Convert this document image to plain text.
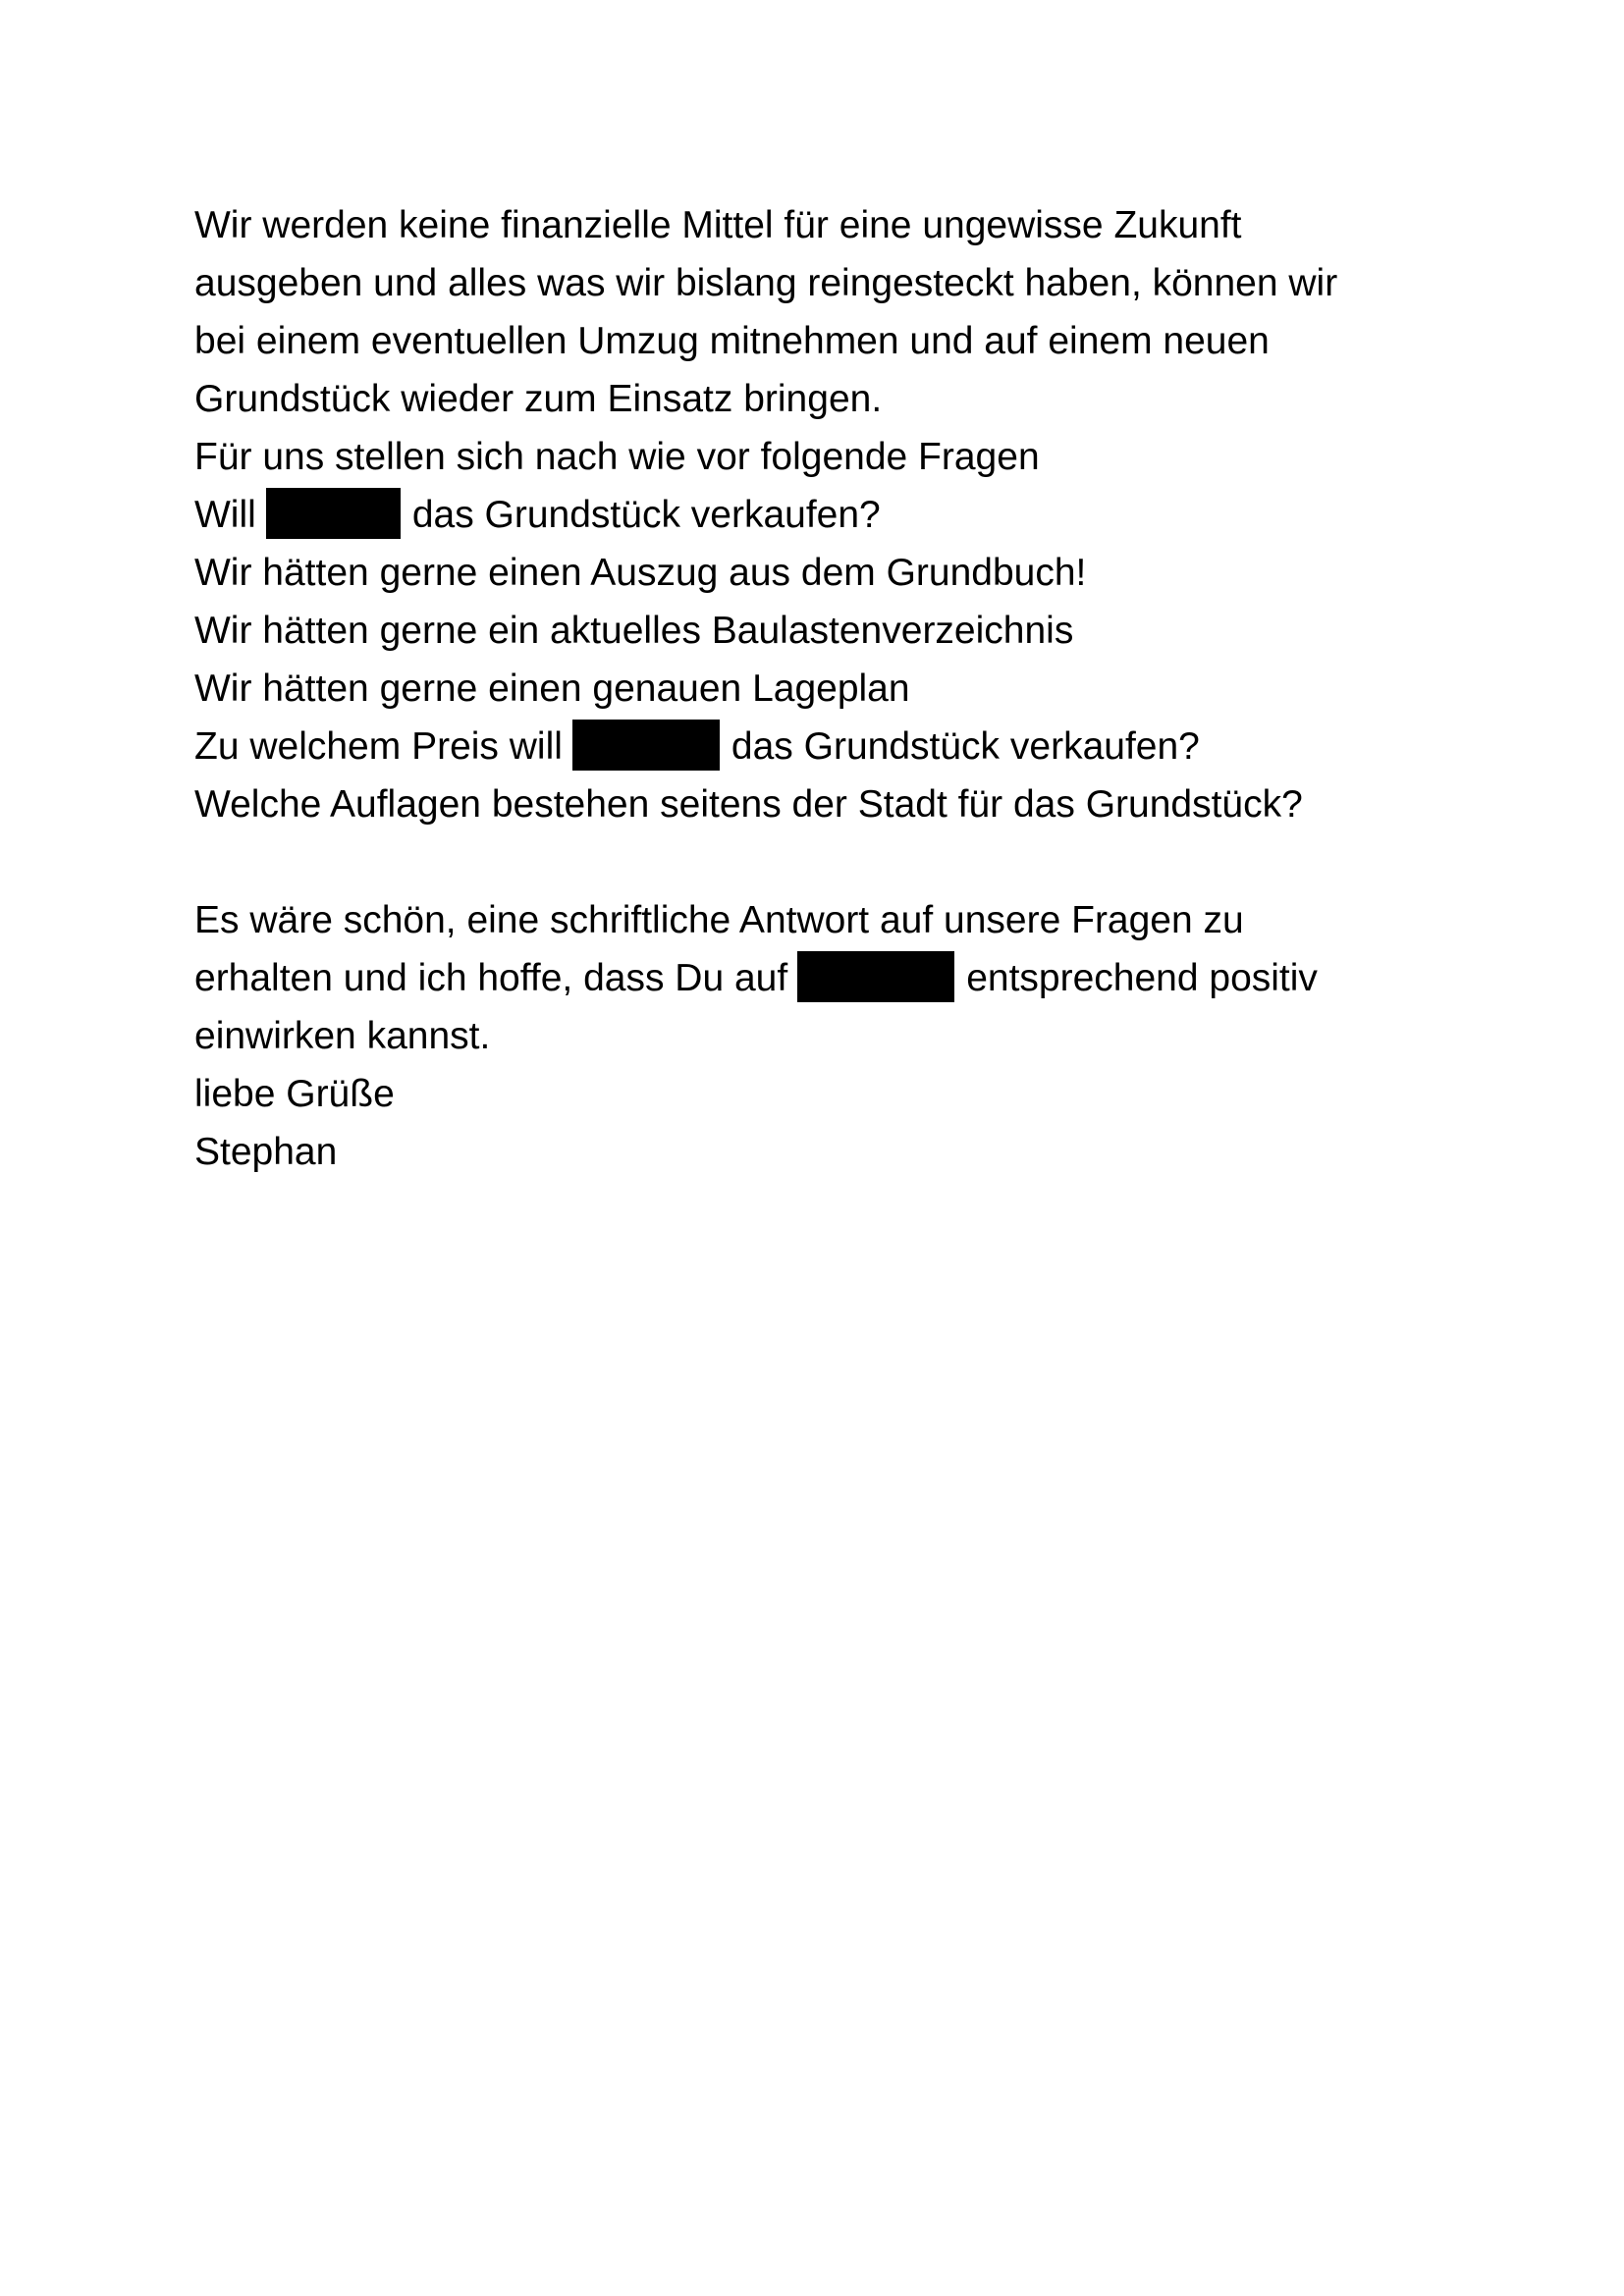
Wir werden keine finanzielle Mittel für eine ungewisse Zukunft
ausgeben und alles was wir bislang reingesteckt haben, können wir
bei einem eventuellen Umzug mitnehmen und auf einem neuen
Grundstück wieder zum Einsatz bringen.
Für uns stellen sich nach wie vor folgende Fragen
Will	das Grundstück verkaufen?
Wir hätten gerne einen Auszug aus dem Grundbuch!
Wir hätten gerne ein aktuelles Baulastenverzeichnis
Wir hätten gerne einen genauen Lageplan
Zu welchem Preis will	das Grundstück verkaufen?
Welche Auflagen bestehen seitens der Stadt für das Grundstück?
Es wäre schön, eine schriftliche Antwort auf unsere Fragen zu
erhalten und ich hoffe, dass Du auf	entsprechend positiv
einwirken kannst.
liebe Grüße
Stephan
